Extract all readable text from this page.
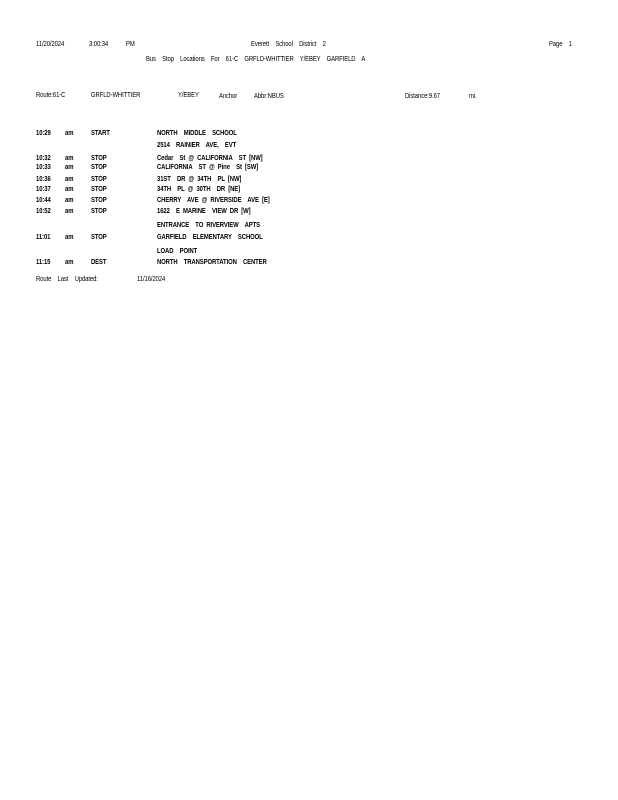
11/20/2024	3:00:34 PM	Everett    School    District    2	Page    1
Bus    Stop    Locations    For    61-C    GRFLD-WHITTIER    Y/EBEY    GARFIELD    A
Route:61-C	GRFLD-WHITTIER	Y/EBEY	Anchor Abbr:NBUS	Distance:9.67	mi.
10:29 am START	NORTH    MIDDLE    SCHOOL
2514    RAINIER    AVE,    EVT
10:32 am STOP	Cedar    St  @  CALIFORNIA    ST  [NW]
10:33 am STOP	CALIFORNIA    ST  @  Pine    St  [SW]
10:36 am STOP	31ST    DR  @  34TH    PL  [NW]
10:37 am STOP	34TH    PL  @  30TH    DR  [NE]
10:44 am STOP	CHERRY    AVE  @  RIVERSIDE    AVE  [E]
10:52 am STOP	1622    E  MARINE    VIEW  DR  [W]
ENTRANCE    TO  RIVERVIEW    APTS
11:01 am STOP	GARFIELD    ELEMENTARY    SCHOOL
LOAD    POINT
11:15 am DEST	NORTH    TRANSPORTATION    CENTER
Route    Last    Updated:	11/16/2024
